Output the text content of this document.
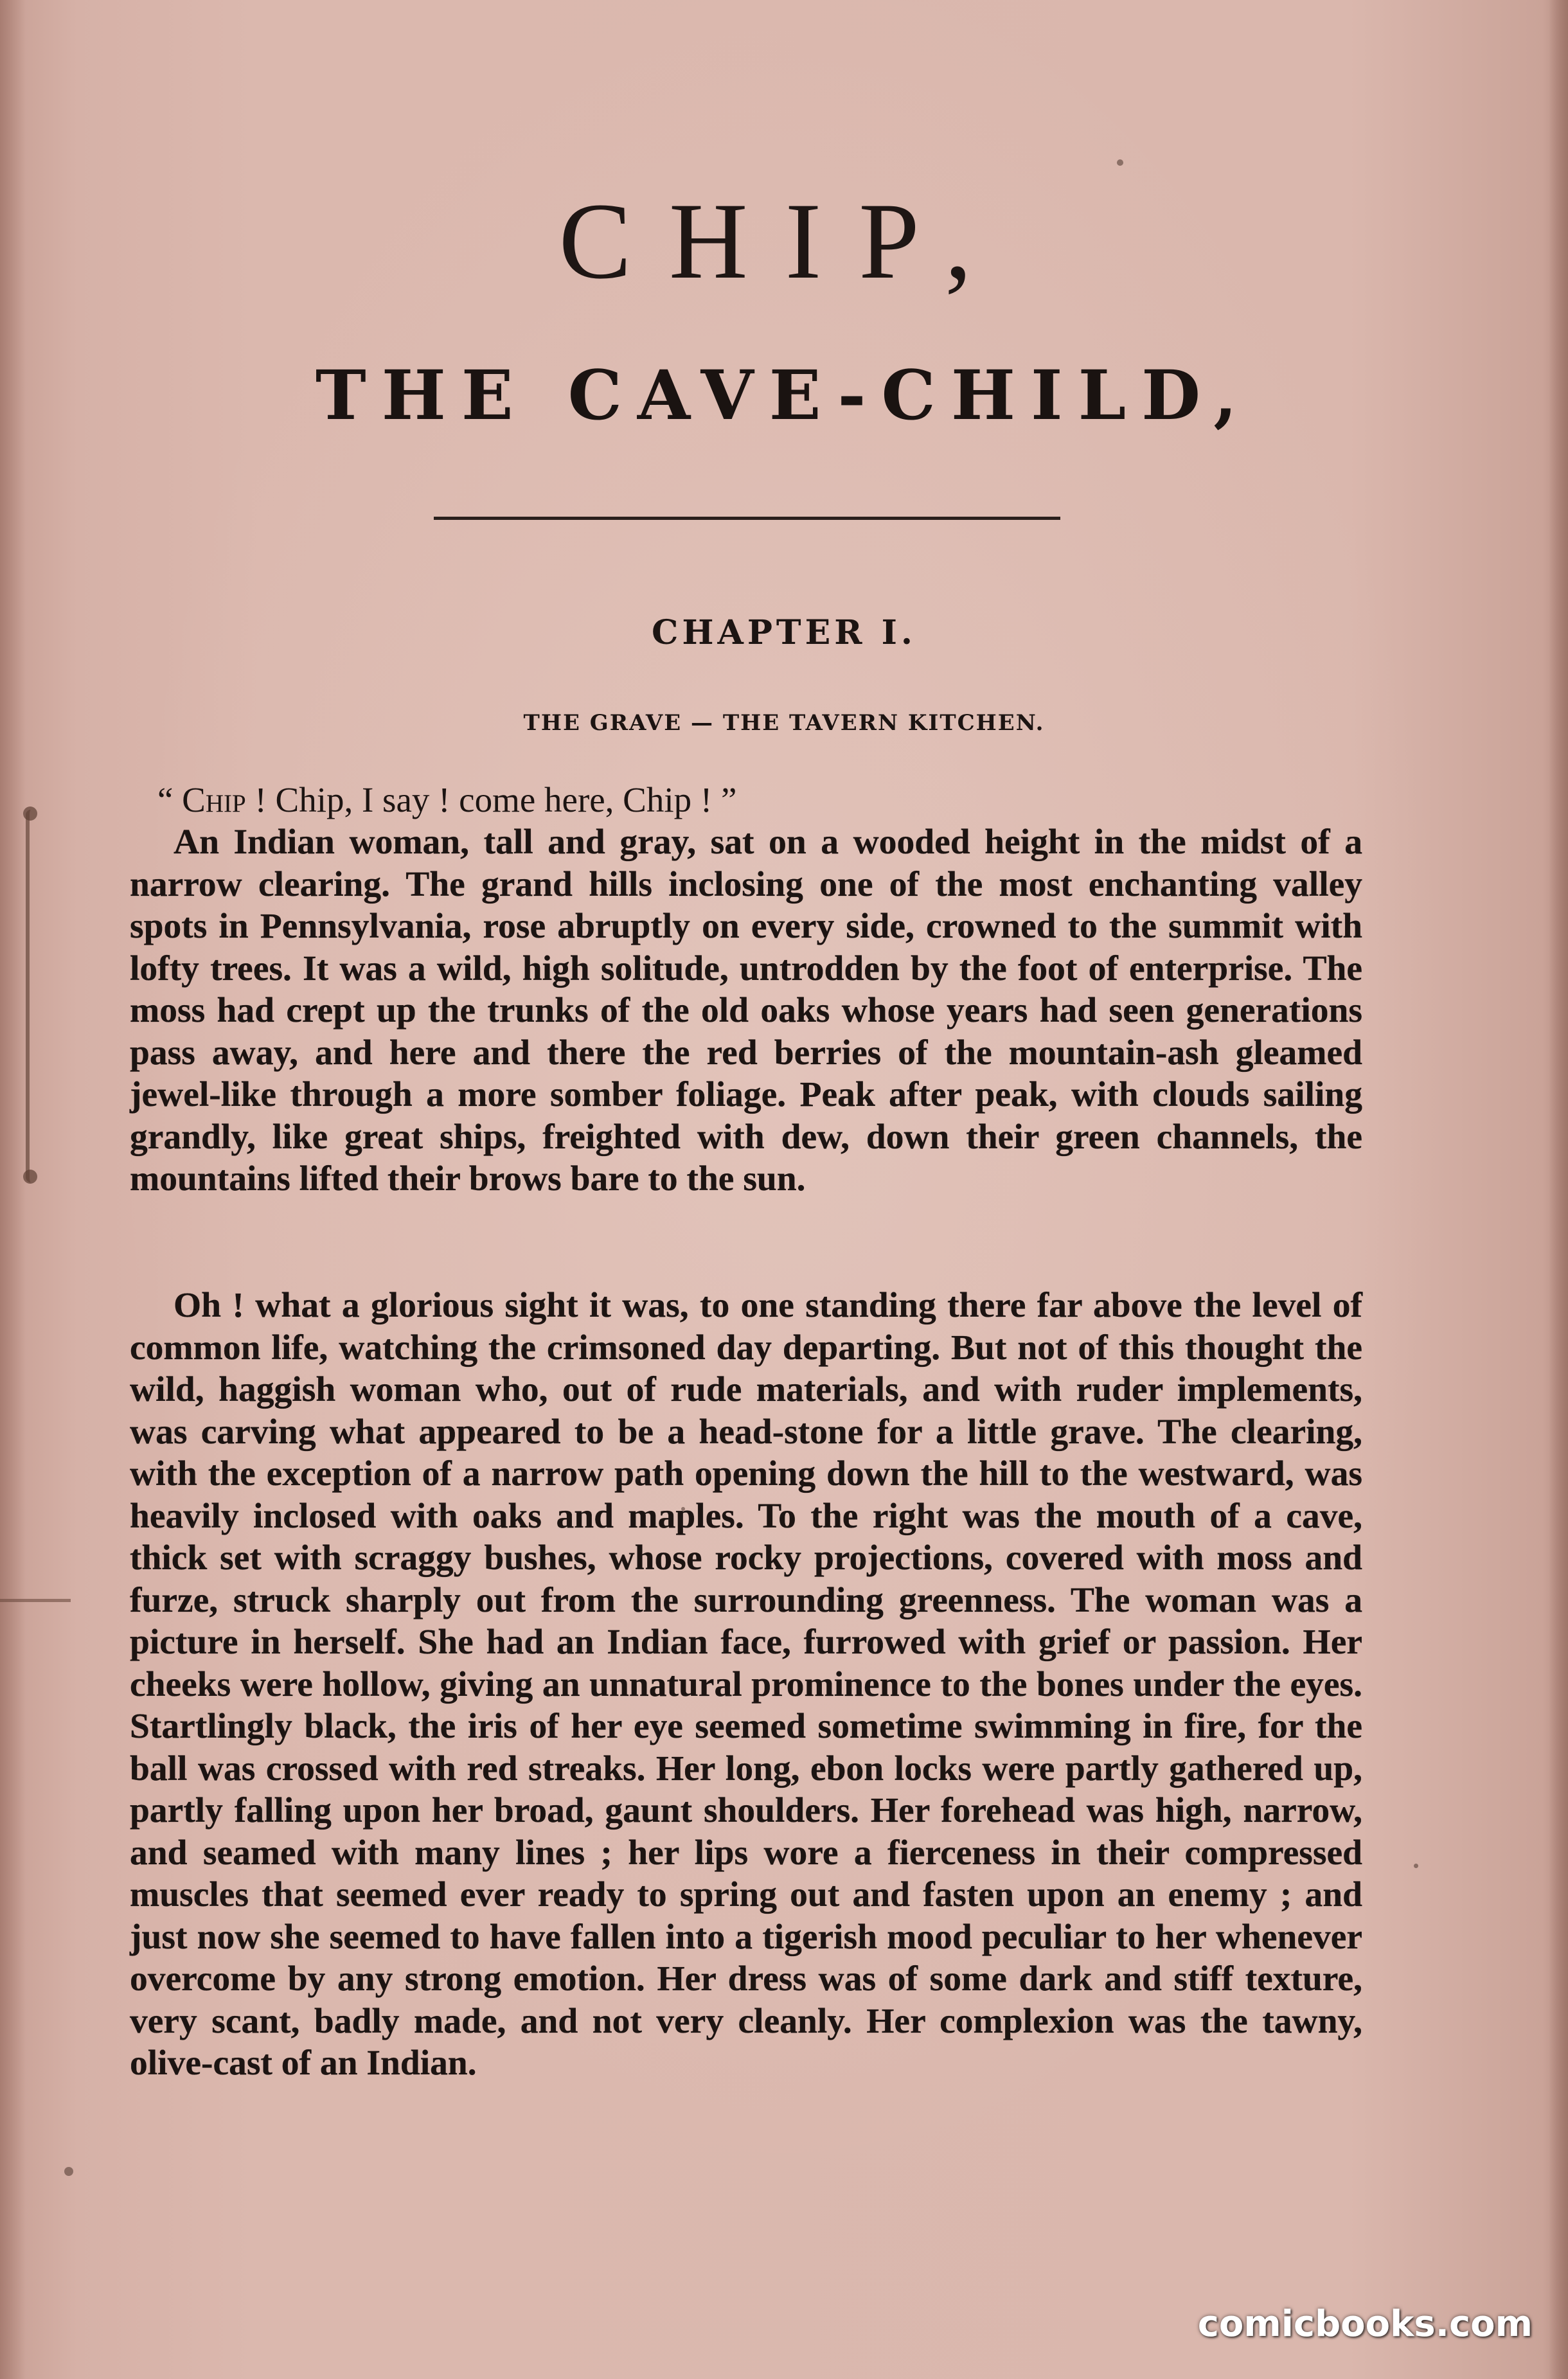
CHIP,
THE CAVE-CHILD,
CHAPTER I.
THE GRAVE — THE TAVERN KITCHEN.

“ Chip ! Chip, I say ! come here, Chip ! ”

An Indian woman, tall and gray, sat on a wooded height in the midst of a narrow clearing. The grand hills inclosing one of the most enchanting valley spots in Pennsylvania, rose abruptly on every side, crowned to the summit with lofty trees. It was a wild, high solitude, untrodden by the foot of enterprise. The moss had crept up the trunks of the old oaks whose years had seen generations pass away, and here and there the red berries of the mountain-ash gleamed jewel-like through a more somber foliage. Peak after peak, with clouds sailing grandly, like great ships, freighted with dew, down their green channels, the mountains lifted their brows bare to the sun.

Oh ! what a glorious sight it was, to one standing there far above the level of common life, watching the crimsoned day departing. But not of this thought the wild, haggish woman who, out of rude materials, and with ruder implements, was carving what appeared to be a head-stone for a little grave. The clearing, with the exception of a narrow path opening down the hill to the westward, was heavily inclosed with oaks and maples. To the right was the mouth of a cave, thick set with scraggy bushes, whose rocky projections, covered with moss and furze, struck sharply out from the surrounding greenness. The woman was a picture in herself. She had an Indian face, furrowed with grief or passion. Her cheeks were hollow, giving an unnatural prominence to the bones under the eyes. Startlingly black, the iris of her eye seemed sometime swimming in fire, for the ball was crossed with red streaks. Her long, ebon locks were partly gathered up, partly falling upon her broad, gaunt shoulders. Her forehead was high, narrow, and seamed with many lines ; her lips wore a fierceness in their compressed muscles that seemed ever ready to spring out and fasten upon an enemy ; and just now she seemed to have fallen into a tigerish mood peculiar to her whenever overcome by any strong emotion. Her dress was of some dark and stiff texture, very scant, badly made, and not very cleanly. Her complexion was the tawny, olive-cast of an Indian.

comicbooks.com
